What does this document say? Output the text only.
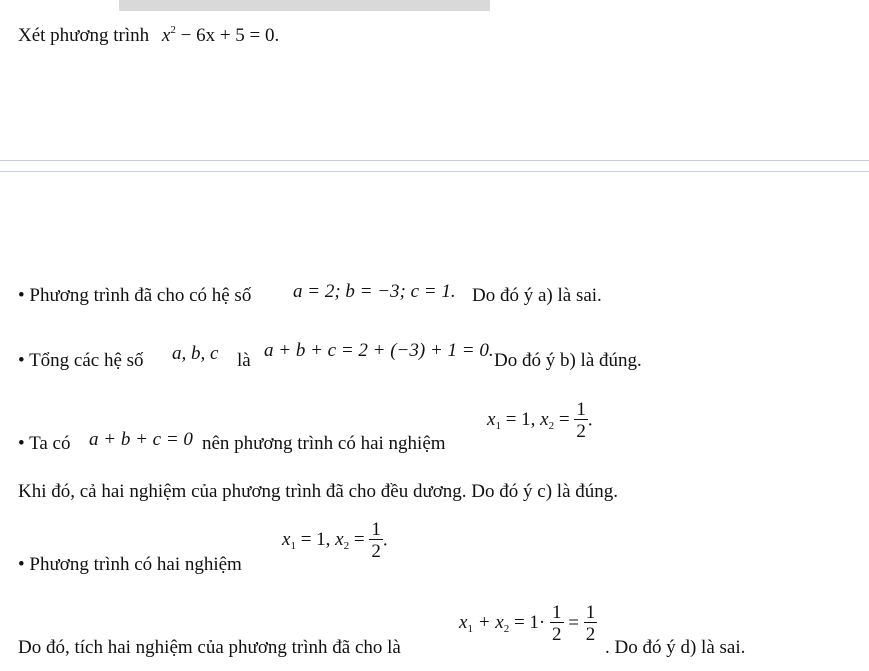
Xét phương trình $x^2 - 6x + 5 = 0$.
• Phương trình đã cho có hệ số a = 2; b = −3; c = 1. Do đó ý a) là sai.
• Tổng các hệ số a, b, c là a + b + c = 2 + (−3) + 1 = 0. Do đó ý b) là đúng.
• Ta có a + b + c = 0 nên phương trình có hai nghiệm
$x_1 = 1$, $x_2 = \frac{1}{2}$ .
Khi đó, cả hai nghiệm của phương trình đã cho đều dương. Do đó ý c) là đúng.
• Phương trình có hai nghiệm
$x_1 = 1$, $x_2 = \frac{1}{2}$ .
Do đó, tích hai nghiệm của phương trình đã cho là
$x_1 + x_2 = 1\cdot \frac{1}{2} = \frac{1}{2}$
. Do đó ý d) là sai.
